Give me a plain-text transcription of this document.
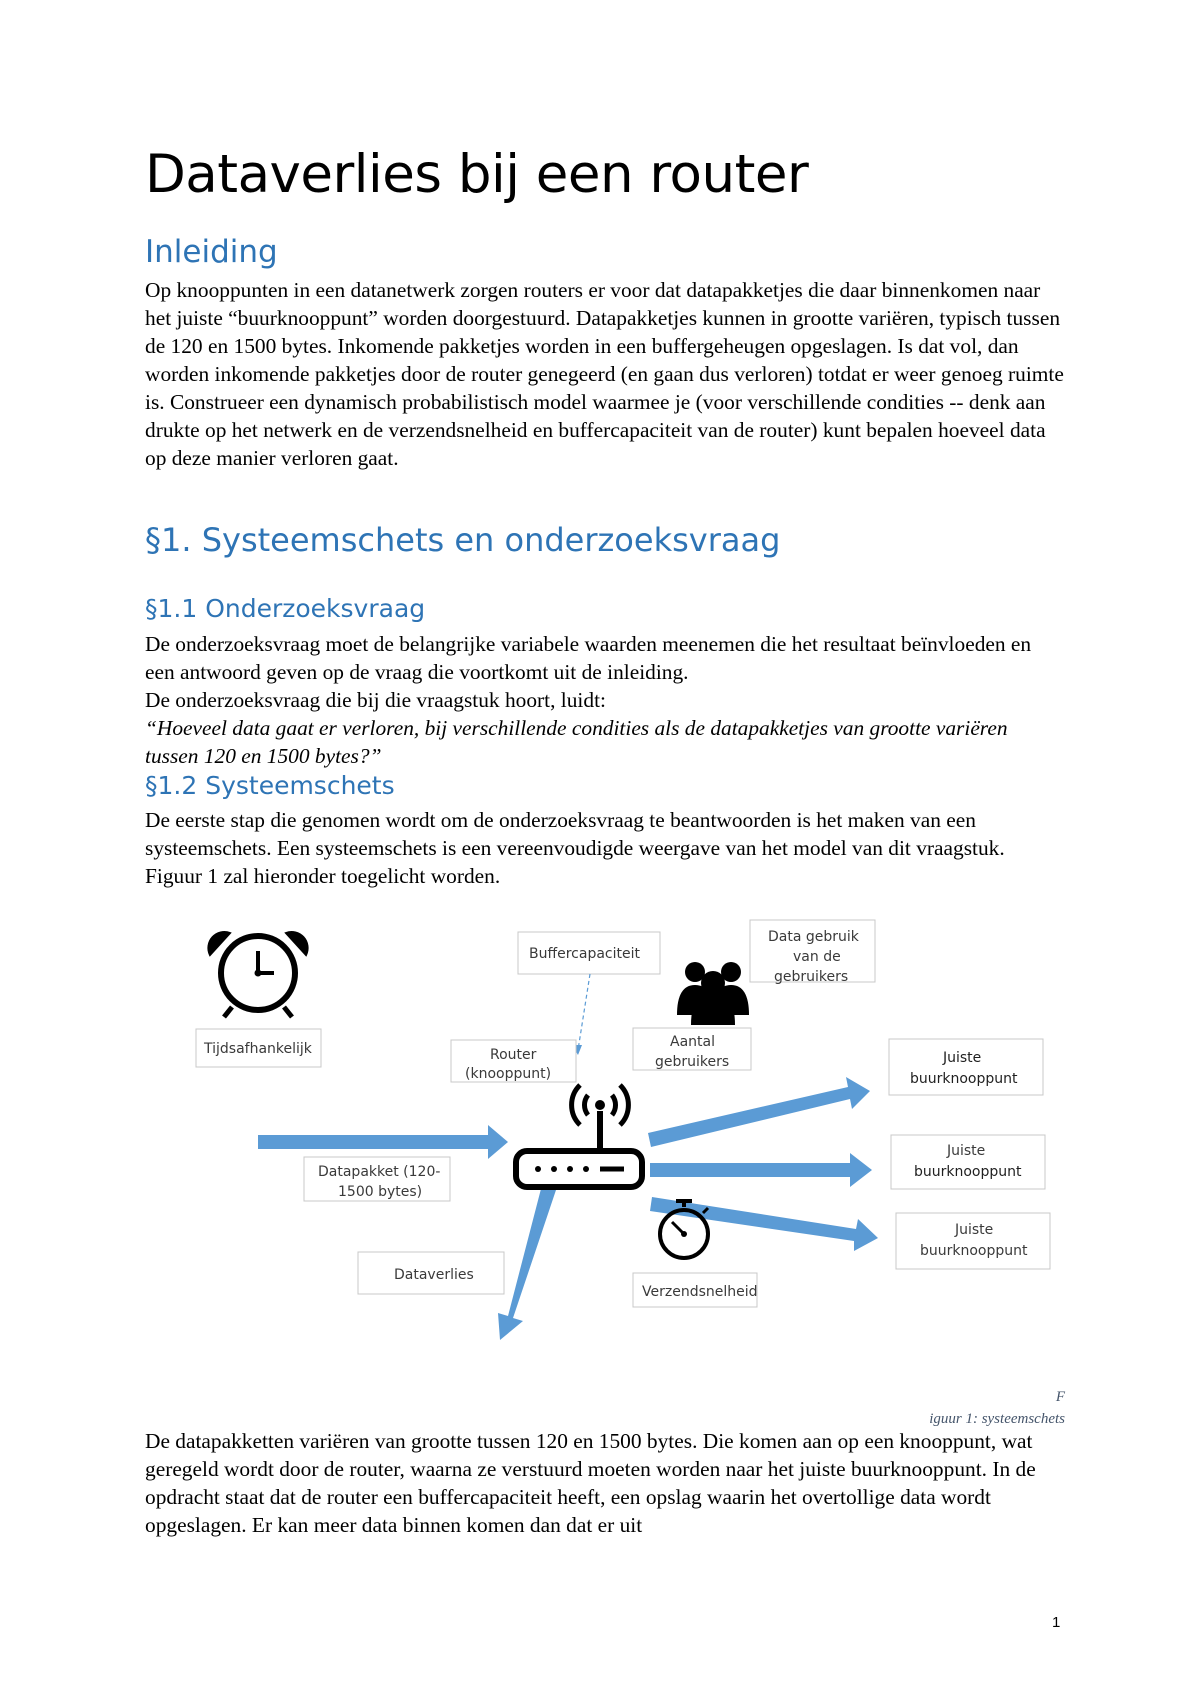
Dataverlies bij een router
Inleiding

Op knooppunten in een datanetwerk zorgen routers er voor dat datapakketjes die daar binnenkomen naar het juiste “buurknooppunt” worden doorgestuurd. Datapakketjes kunnen in grootte variëren, typisch tussen de 120 en 1500 bytes. Inkomende pakketjes worden in een buffergeheugen opgeslagen. Is dat vol, dan worden inkomende pakketjes door de router genegeerd (en gaan dus verloren) totdat er weer genoeg ruimte is. Construeer een dynamisch probabilistisch model waarmee je (voor verschillende condities -- denk aan drukte op het netwerk en de verzendsnelheid en buffercapaciteit van de router) kunt bepalen hoeveel data op deze manier verloren gaat.

§1. Systeemschets en onderzoeksvraag
§1.1 Onderzoeksvraag

De onderzoeksvraag moet de belangrijke variabele waarden meenemen die het resultaat beïnvloeden en een antwoord geven op de vraag die voortkomt uit de inleiding.

De onderzoeksvraag die bij die vraagstuk hoort, luidt:

“Hoeveel data gaat er verloren, bij verschillende condities als de datapakketjes van grootte variëren tussen 120 en 1500 bytes?”

§1.2 Systeemschets

De eerste stap die genomen wordt om de onderzoeksvraag te beantwoorden is het maken van een systeemschets. Een systeemschets is een vereenvoudigde weergave van het model van dit vraagstuk. Figuur 1 zal hieronder toegelicht worden.

Tijdsafhankelijk
Buffercapaciteit
Data gebruik
van de
gebruikers
Router
(knooppunt)
Aantal
gebruikers
Datapakket (120-
1500 bytes)
Juiste
buurknooppunt
Juiste
buurknooppunt
Juiste
buurknooppunt
Dataverlies
Verzendsnelheid
F
iguur 1: systeemschets

De datapakketten variëren van grootte tussen 120 en 1500 bytes. Die komen aan op een knooppunt, wat geregeld wordt door de router, waarna ze verstuurd moeten worden naar het juiste buurknooppunt. In de opdracht staat dat de router een buffercapaciteit heeft, een opslag waarin het overtollige data wordt opgeslagen. Er kan meer data binnen komen dan dat er uit

1
